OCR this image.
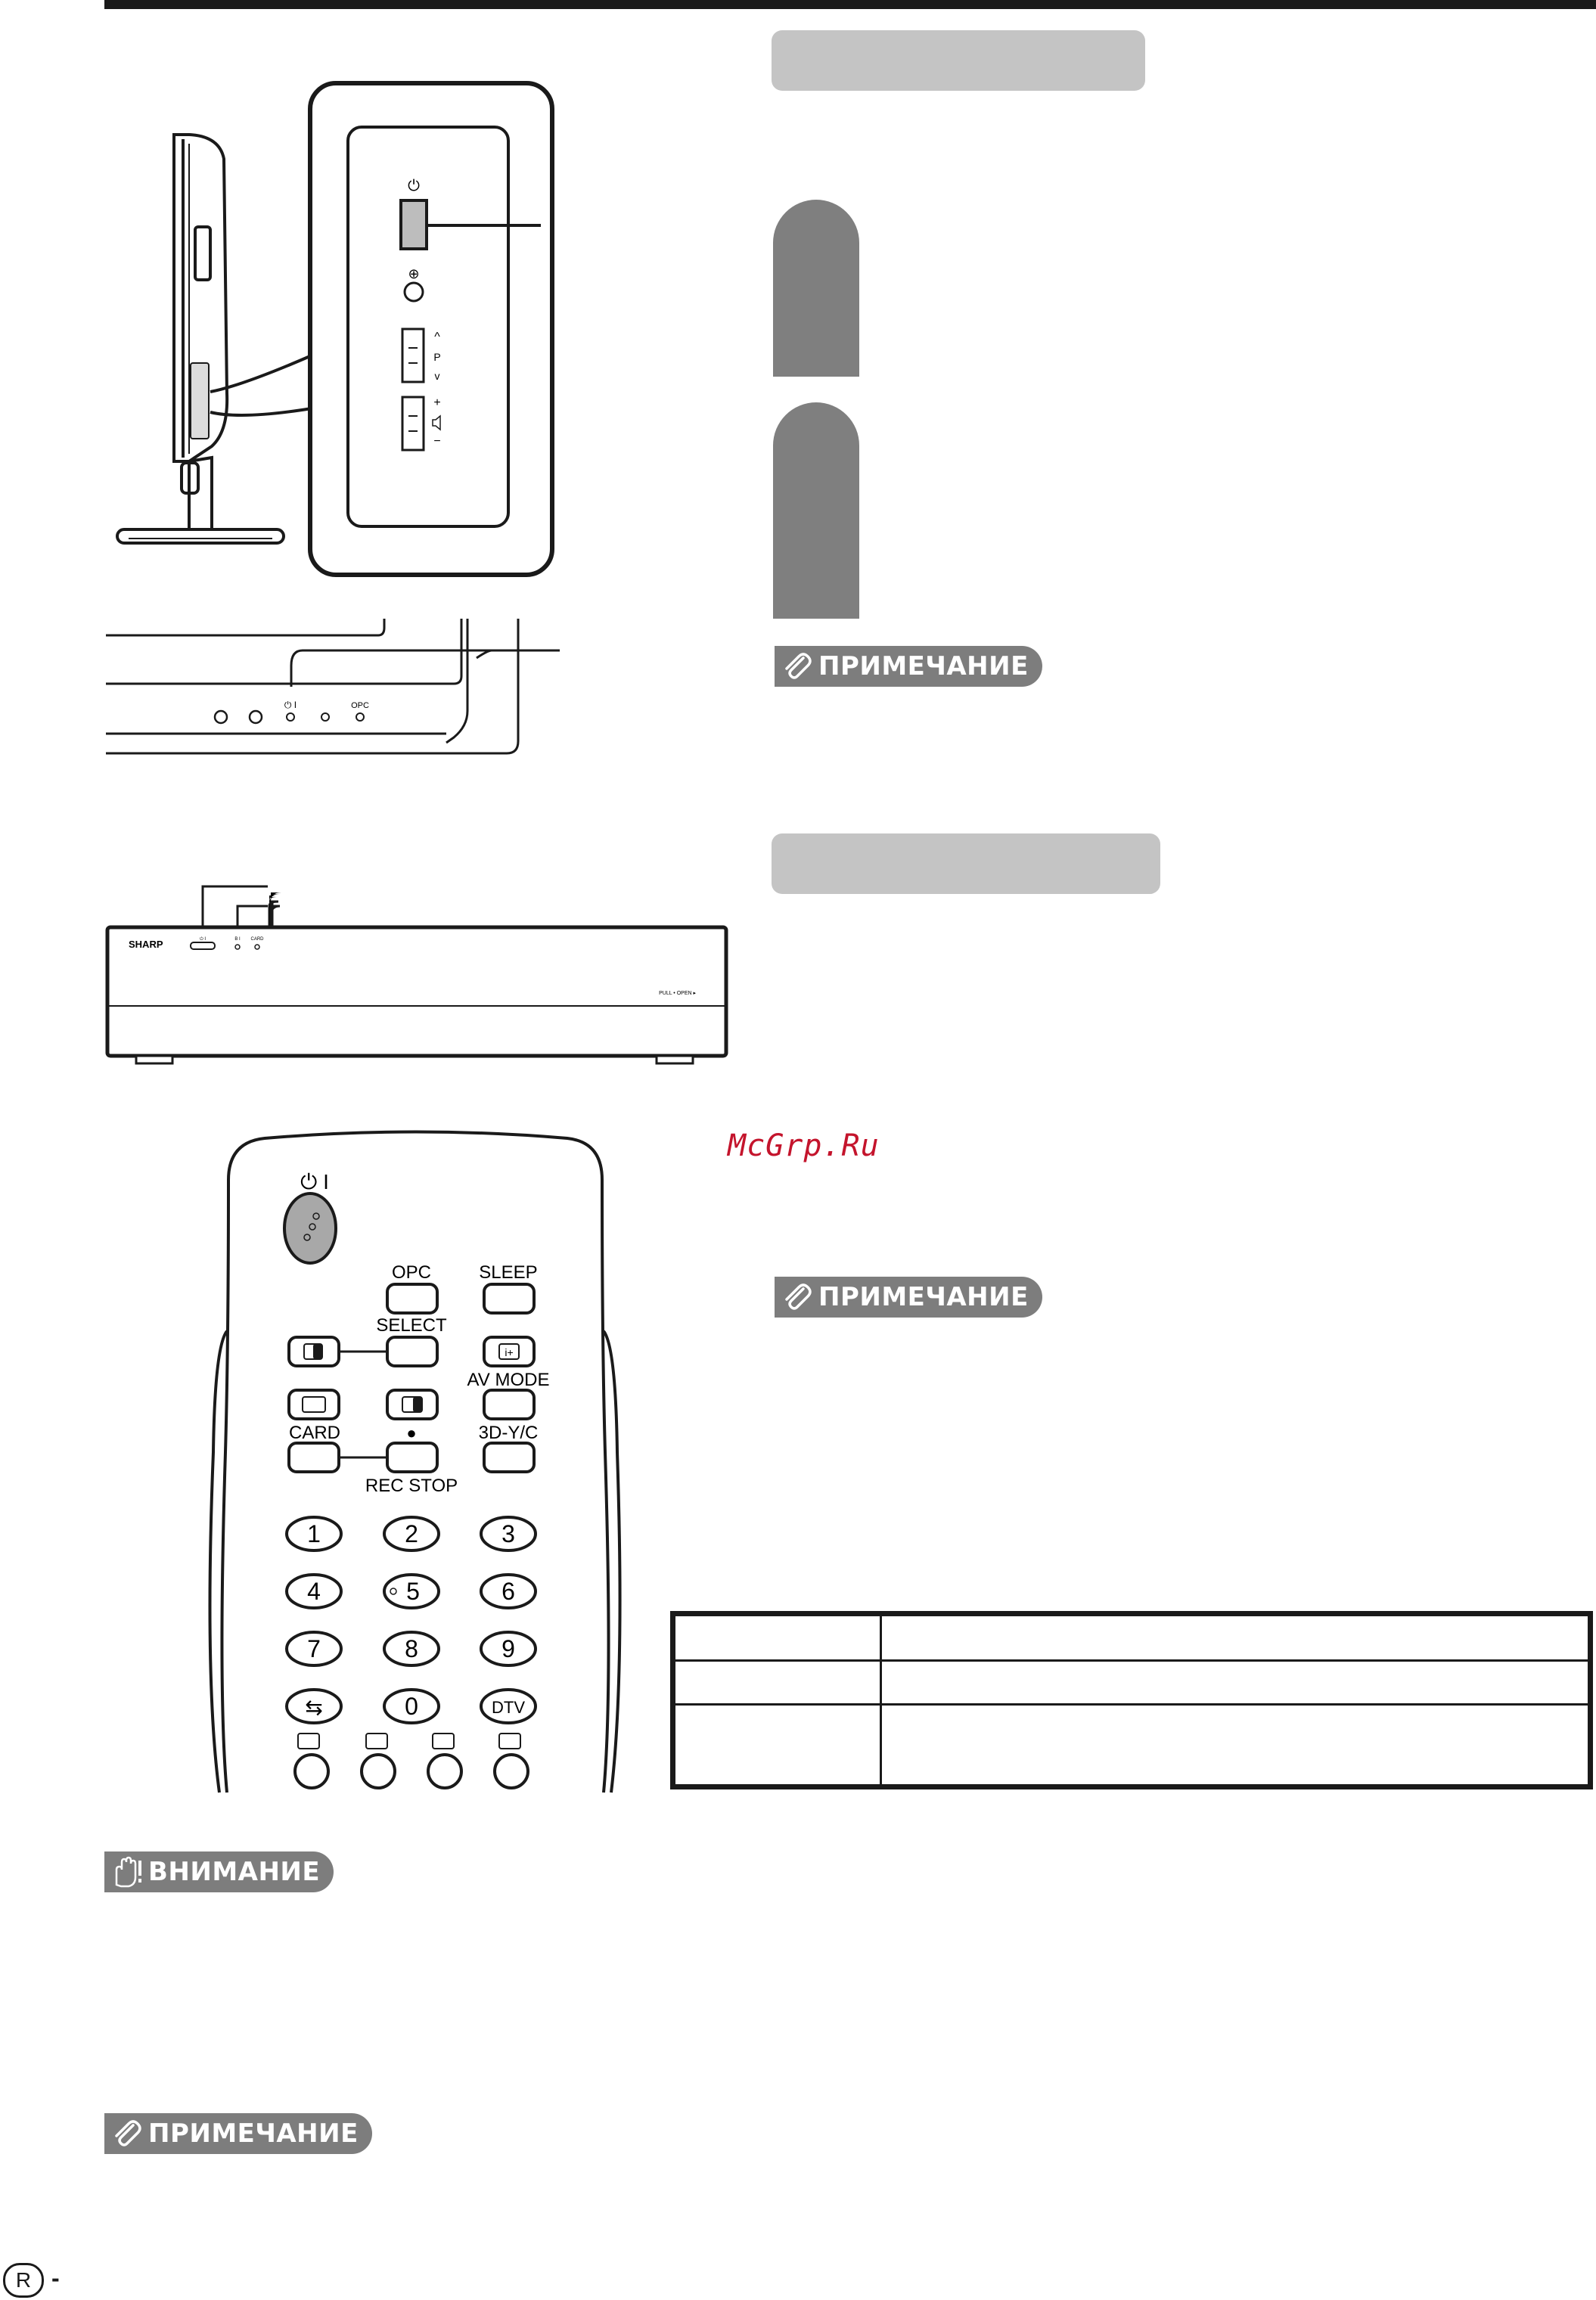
⏻
⊕
^
P
v
+
−
⏻ I	OPC
SHARP	⏻ I	B I CARD
PULL • OPEN ▸
⏻ I
OPC	SLEEP
SELECT
i+
AV MODE
CARD	●	3D-Y/C
REC STOP
1	2	3
4	5	6
7	8	9
⇆	0	DTV
ПРИМЕЧАНИЕ
McGrp.Ru
ПРИМЕЧАНИЕ

ВНИМАНИЕ
ПРИМЕЧАНИЕ
R -
